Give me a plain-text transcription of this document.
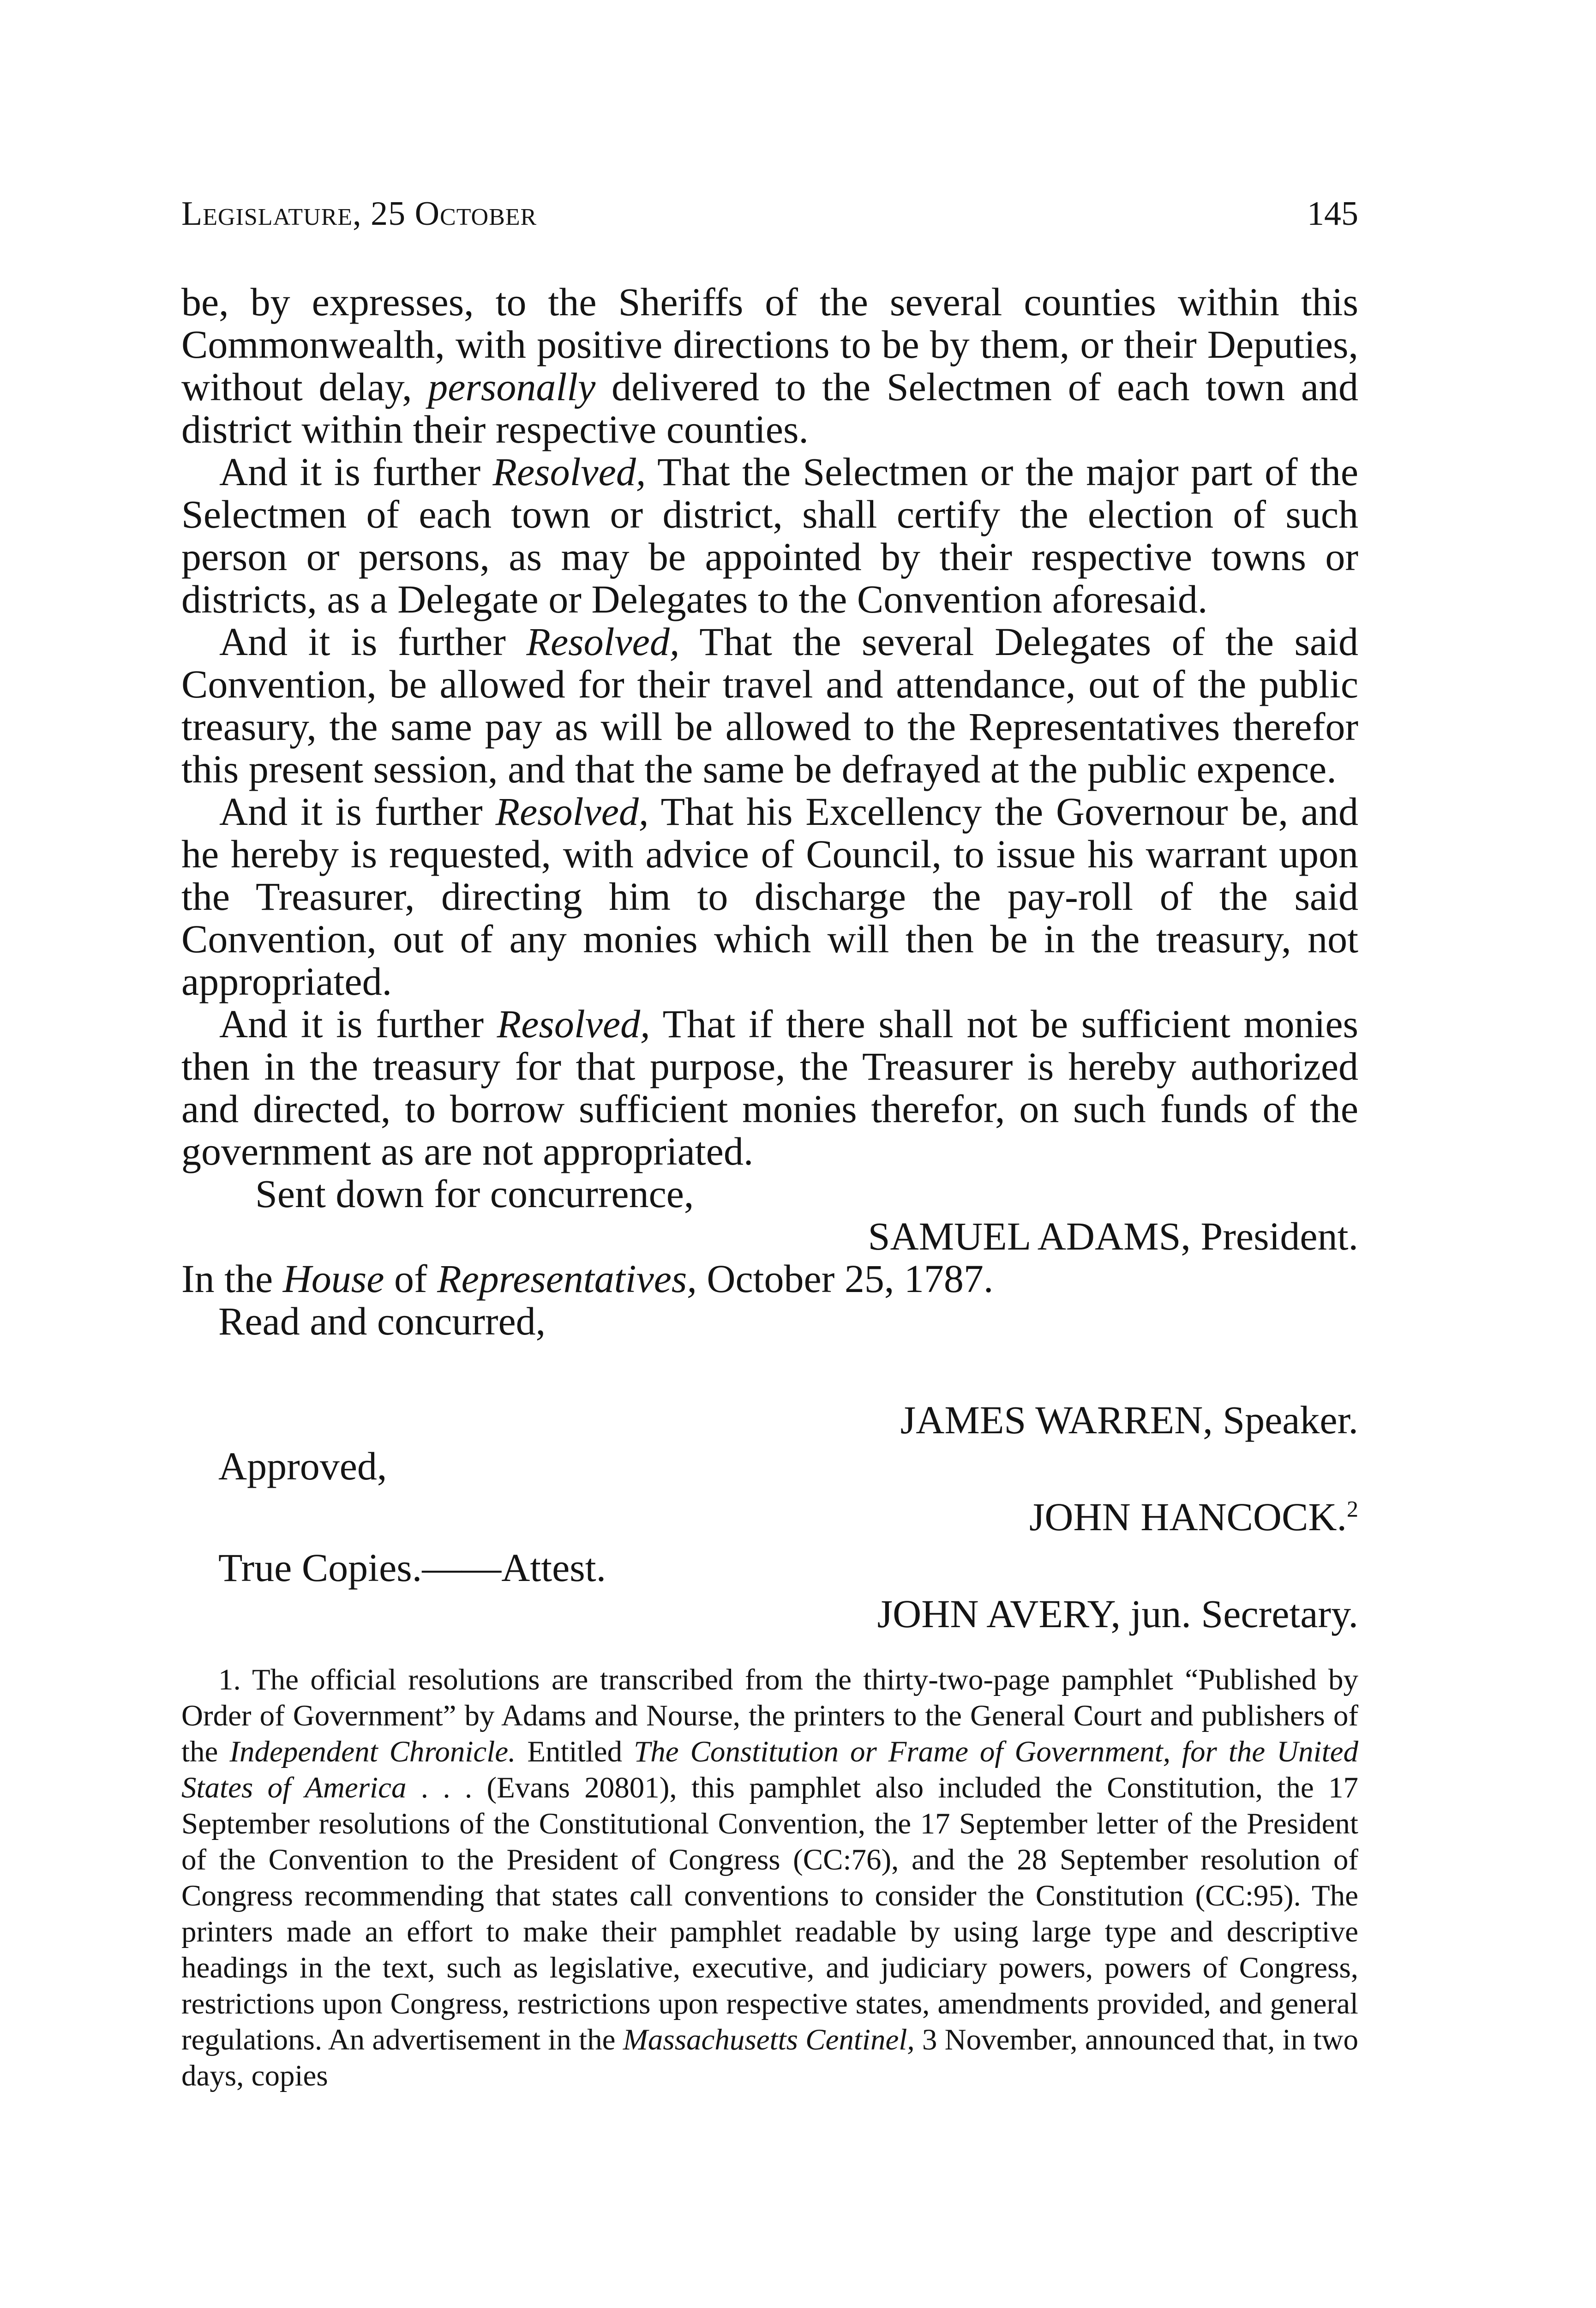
Legislature, 25 October	145

be, by expresses, to the Sheriffs of the several counties within this Commonwealth, with positive directions to be by them, or their Deputies, without delay, personally delivered to the Selectmen of each town and district within their respective counties.

And it is further Resolved, That the Selectmen or the major part of the Selectmen of each town or district, shall certify the election of such person or persons, as may be appointed by their respective towns or districts, as a Delegate or Delegates to the Convention aforesaid.

And it is further Resolved, That the several Delegates of the said Convention, be allowed for their travel and attendance, out of the public treasury, the same pay as will be allowed to the Representatives therefor this present session, and that the same be defrayed at the public expence.

And it is further Resolved, That his Excellency the Governour be, and he hereby is requested, with advice of Council, to issue his warrant upon the Treasurer, directing him to discharge the pay-roll of the said Convention, out of any monies which will then be in the treasury, not appropriated.

And it is further Resolved, That if there shall not be sufficient monies then in the treasury for that purpose, the Treasurer is hereby authorized and directed, to borrow sufficient monies therefor, on such funds of the government as are not appropriated.

Sent down for concurrence,

SAMUEL ADAMS, President.

In the House of Representatives, October 25, 1787.

Read and concurred,

JAMES WARREN, Speaker.
Approved,
JOHN HANCOCK.$^2$
True Copies.——Attest.
JOHN AVERY, jun. Secretary.

1. The official resolutions are transcribed from the thirty-two-page pamphlet “Published by Order of Government” by Adams and Nourse, the printers to the General Court and publishers of the Independent Chronicle. Entitled The Constitution or Frame of Government, for the United States of America . . . (Evans 20801), this pamphlet also included the Constitution, the 17 September resolutions of the Constitutional Convention, the 17 September letter of the President of the Convention to the President of Congress (CC:76), and the 28 September resolution of Congress recommending that states call conventions to consider the Constitution (CC:95). The printers made an effort to make their pamphlet readable by using large type and descriptive headings in the text, such as legislative, executive, and judiciary powers, powers of Congress, restrictions upon Congress, restrictions upon respective states, amendments provided, and general regulations. An advertisement in the Massachusetts Centinel, 3 November, announced that, in two days, copies
